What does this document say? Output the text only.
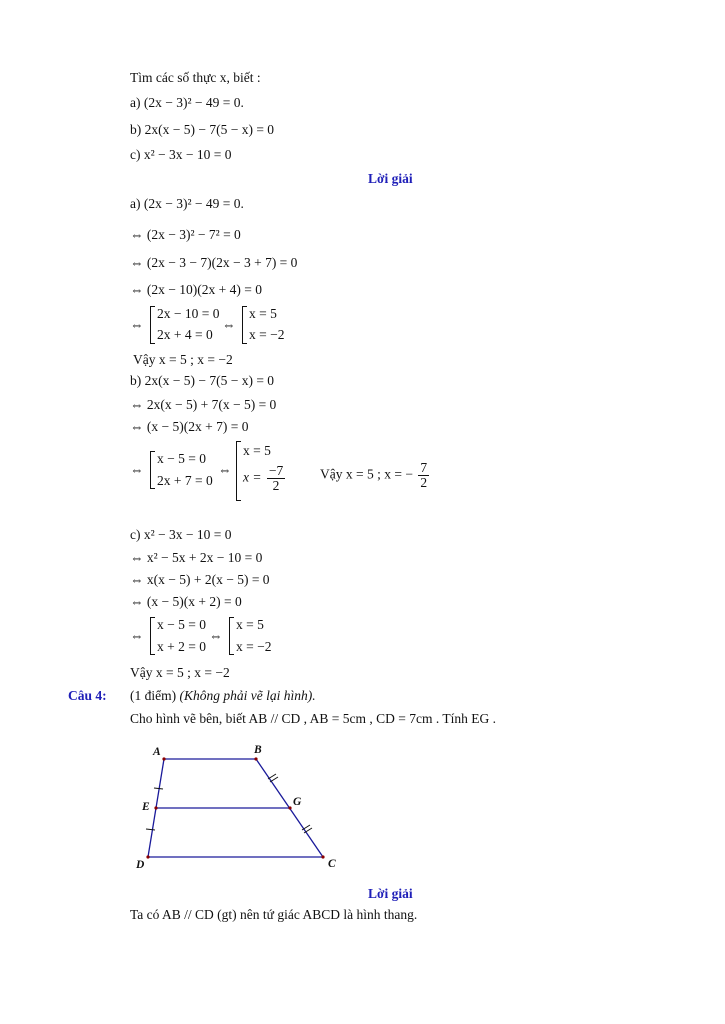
Tìm các số thực x, biết :
a) (2x − 3)² − 49 = 0.
b) 2x(x − 5) − 7(5 − x) = 0
c) x² − 3x − 10 = 0
Lời giải
a) (2x − 3)² − 49 = 0.
⇔ (2x − 3)² − 7² = 0
⇔ (2x − 3 − 7)(2x − 3 + 7) = 0
⇔ (2x − 10)(2x + 4) = 0
⇔
2x − 10 = 0
2x + 4 = 0
⇔
x = 5
x = −2
Vậy x = 5 ; x = −2
b) 2x(x − 5) − 7(5 − x) = 0
⇔ 2x(x − 5) + 7(x − 5) = 0
⇔ (x − 5)(2x + 7) = 0
⇔
x − 5 = 0
2x + 7 = 0
⇔
x = 5
$x = \frac{-7}{2}$	Vậy x = 5 ; x = − $\frac{7}{2}$
c) x² − 3x − 10 = 0
⇔ x² − 5x + 2x − 10 = 0
⇔ x(x − 5) + 2(x − 5) = 0
⇔ (x − 5)(x + 2) = 0
⇔
x − 5 = 0
x + 2 = 0
⇔
x = 5
x = −2
Vậy x = 5 ; x = −2
Câu 4: (1 điểm) (Không phải vẽ lại hình).
Cho hình vẽ bên, biết AB // CD , AB = 5cm , CD = 7cm . Tính EG .
A	B
C
D
E	G
Lời giải
Ta có AB // CD (gt) nên tứ giác ABCD là hình thang.
